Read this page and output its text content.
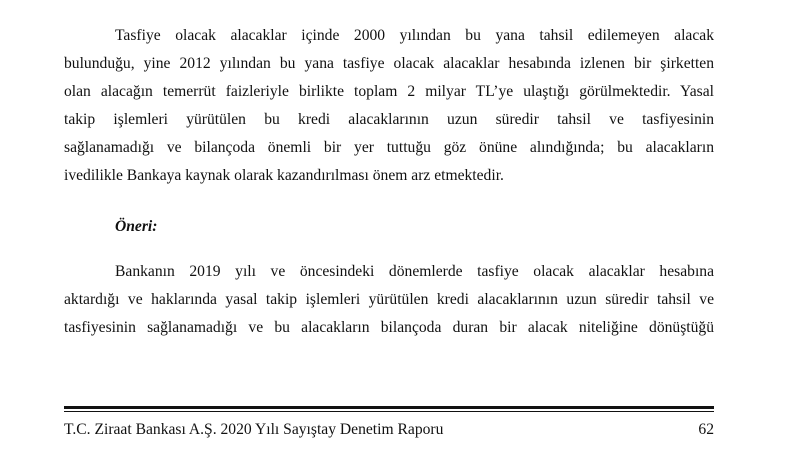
Tasfiye olacak alacaklar içinde 2000 yılından bu yana tahsil edilemeyen alacak
bulunduğu, yine 2012 yılından bu yana tasfiye olacak alacaklar hesabında izlenen bir şirketten
olan alacağın temerrüt faizleriyle birlikte toplam 2 milyar TL’ye ulaştığı görülmektedir. Yasal
takip işlemleri yürütülen bu kredi alacaklarının uzun süredir tahsil ve tasfiyesinin
sağlanamadığı ve bilançoda önemli bir yer tuttuğu göz önüne alındığında; bu alacakların
ivedilikle Bankaya kaynak olarak kazandırılması önem arz etmektedir.

Öneri:

Bankanın 2019 yılı ve öncesindeki dönemlerde tasfiye olacak alacaklar hesabına
aktardığı ve haklarında yasal takip işlemleri yürütülen kredi alacaklarının uzun süredir tahsil ve
tasfiyesinin sağlanamadığı ve bu alacakların bilançoda duran bir alacak niteliğine dönüştüğü

T.C. Ziraat Bankası A.Ş. 2020 Yılı Sayıştay Denetim Raporu	62
